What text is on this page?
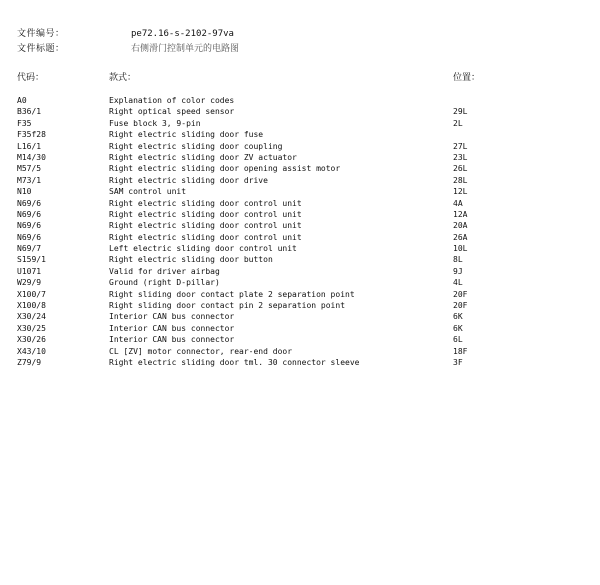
文件编号：	pe72.16-s-2102-97va
文件标题：	右侧滑门控制单元的电路图
代码：	款式：	位置：
A0	Explanation of color codes
B36/1	Right optical speed sensor	29L
F35	Fuse block 3, 9-pin	2L
F35f28	Right electric sliding door fuse
L16/1	Right electric sliding door coupling	27L
M14/30	Right electric sliding door ZV actuator	23L
M57/5	Right electric sliding door opening assist motor	26L
M73/1	Right electric sliding door drive	28L
N10	SAM control unit	12L
N69/6	Right electric sliding door control unit	4A
N69/6	Right electric sliding door control unit	12A
N69/6	Right electric sliding door control unit	20A
N69/6	Right electric sliding door control unit	26A
N69/7	Left electric sliding door control unit	10L
S159/1	Right electric sliding door button	8L
U1071	Valid for driver airbag	9J
W29/9	Ground (right D-pillar)	4L
X100/7	Right sliding door contact plate 2 separation point	20F
X100/8	Right sliding door contact pin 2 separation point	20F
X30/24	Interior CAN bus connector	6K
X30/25	Interior CAN bus connector	6K
X30/26	Interior CAN bus connector	6L
X43/10	CL [ZV] motor connector, rear-end door	18F
Z79/9	Right electric sliding door tml. 30 connector sleeve	3F
